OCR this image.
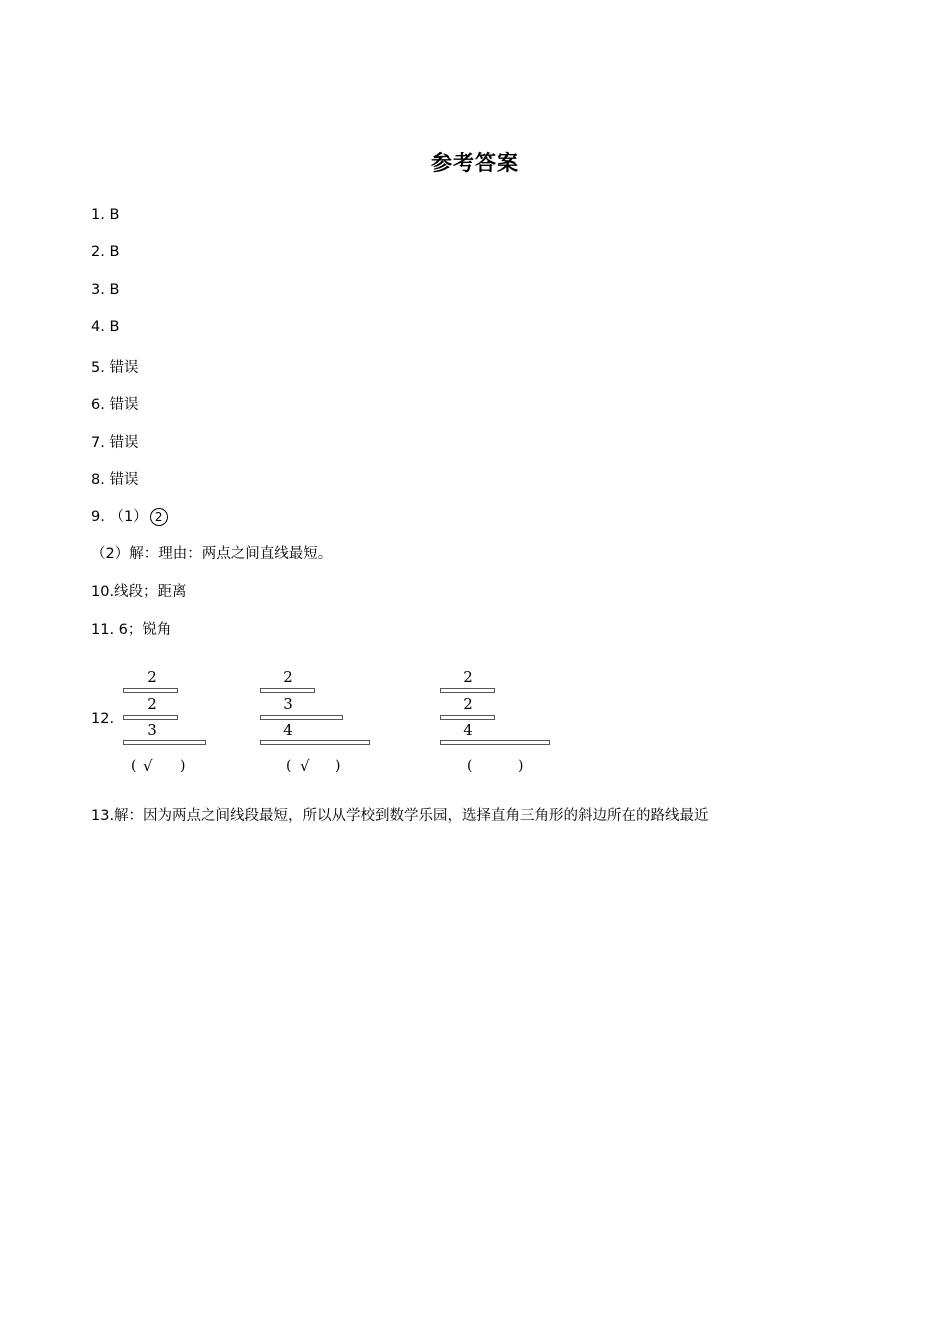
参考答案
1. B
2. B
3. B
4. B
5. 错误
6. 错误
7. 错误
8. 错误
9. （1） 2
（2）解：理由：两点之间直线最短。
10.线段；距离
11. 6；锐角
12.
2
2
3
( √ )
2
3
4
( √ )
2
2
4
(	)
13.解：因为两点之间线段最短，所以从学校到数学乐园，选择直角三角形的斜边所在的路线最近
